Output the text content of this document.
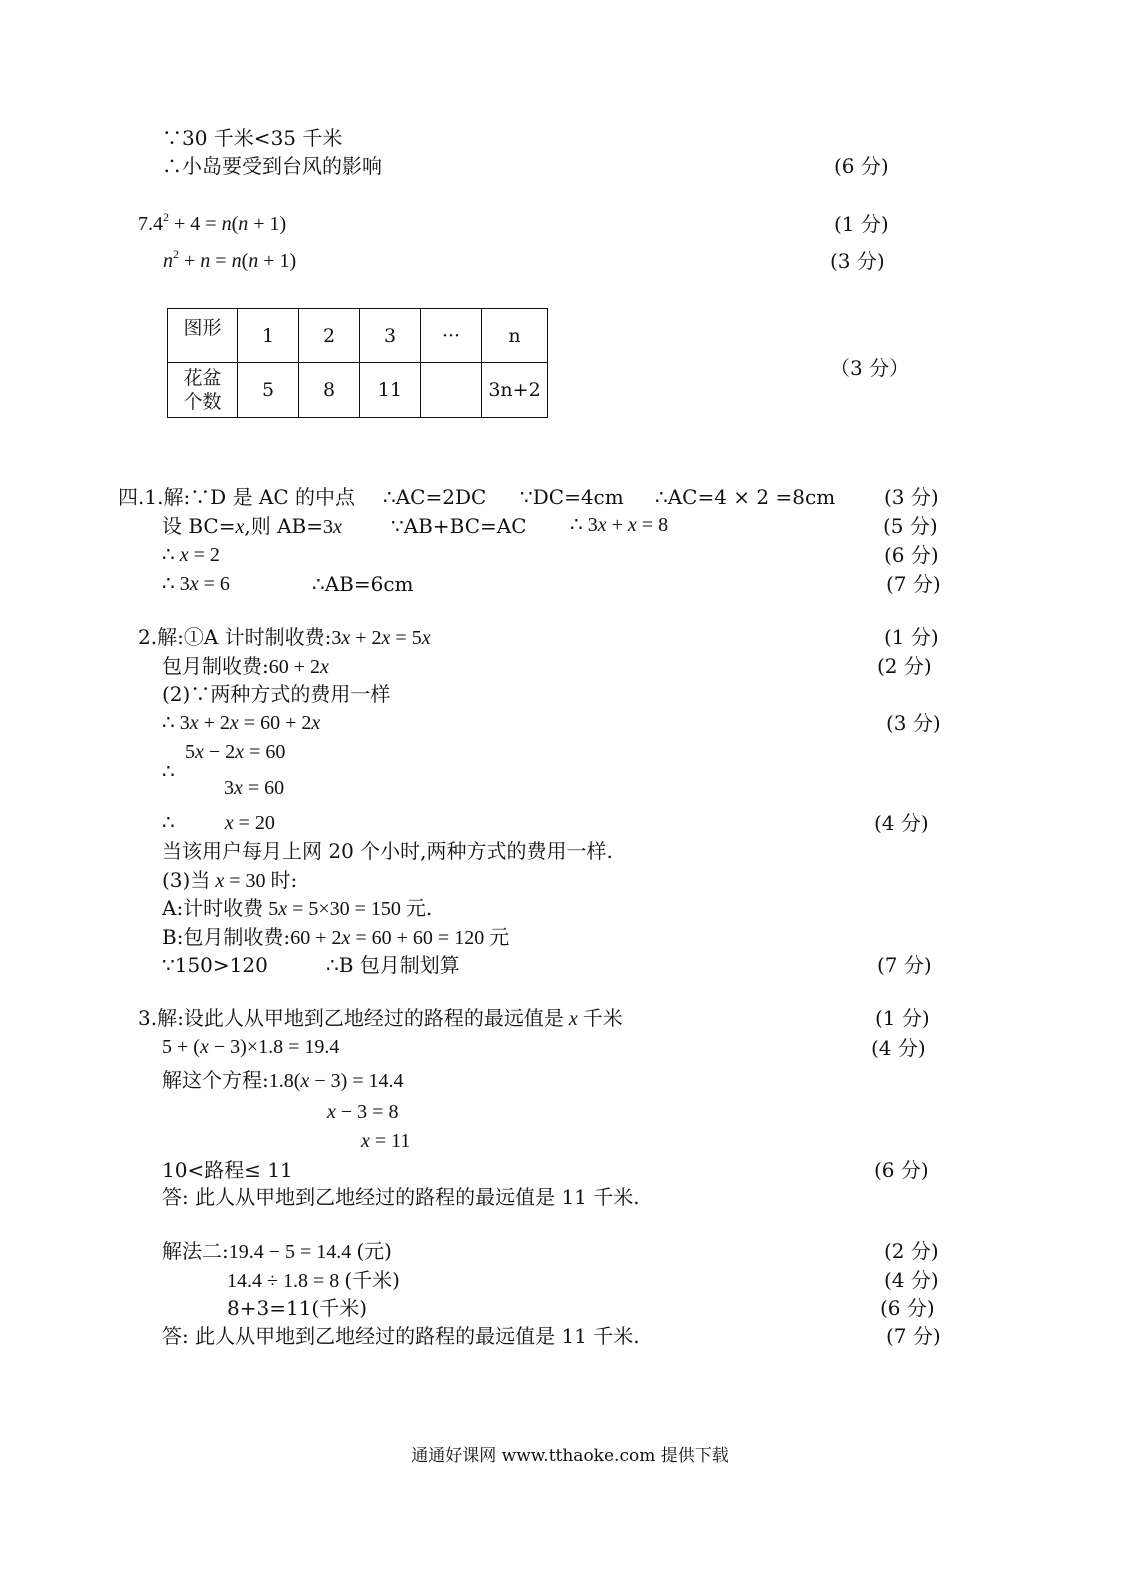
∵30 千米<35 千米
∴小岛要受到台风的影响	(6 分)
$7.4^2 + 4 = n(n + 1)$	(1 分)
$n^2 + n = n(n + 1)$	(3 分)
图形	1	2	3	···	n
花盆个数	5	8	11		3n+2
（3 分）
四.1.解:∵D 是 AC 的中点 ∴AC=2DC ∵DC=4cm ∴AC=4 × 2 =8cm (3 分)
设 BC=x,则 AB=3x ∵AB+BC=AC ∴ 3x + x = 8	(5 分)
∴ x = 2	(6 分)
∴ 3x = 6	∴AB=6cm	(7 分)
2.解:①A 计时制收费:3x + 2x = 5x	(1 分)
包月制收费:60 + 2x	(2 分)
(2)∵两种方式的费用一样
∴ 3x + 2x = 60 + 2x	(3 分)
5x − 2x = 60
∴
3x = 60
∴          x = 20	(4 分)
当该用户每月上网 20 个小时,两种方式的费用一样.
(3)当 x = 30 时:
A:计时收费 5x = 5×30 = 150 元.
B:包月制收费:60 + 2x = 60 + 60 = 120 元
∵150>120	∴B 包月制划算	(7 分)
3.解:设此人从甲地到乙地经过的路程的最远值是 x 千米	(1 分)
5 + (x − 3)×1.8 = 19.4	(4 分)
解这个方程:1.8(x − 3) = 14.4
x − 3 = 8
x = 11
10<路程≤ 11	(6 分)
答: 此人从甲地到乙地经过的路程的最远值是 11 千米.
解法二:19.4 − 5 = 14.4 (元)	(2 分)
14.4 ÷ 1.8 = 8 (千米)	(4 分)
8+3=11(千米)	(6 分)
答: 此人从甲地到乙地经过的路程的最远值是 11 千米.	(7 分)
通通好课网 www.tthaoke.com 提供下载
